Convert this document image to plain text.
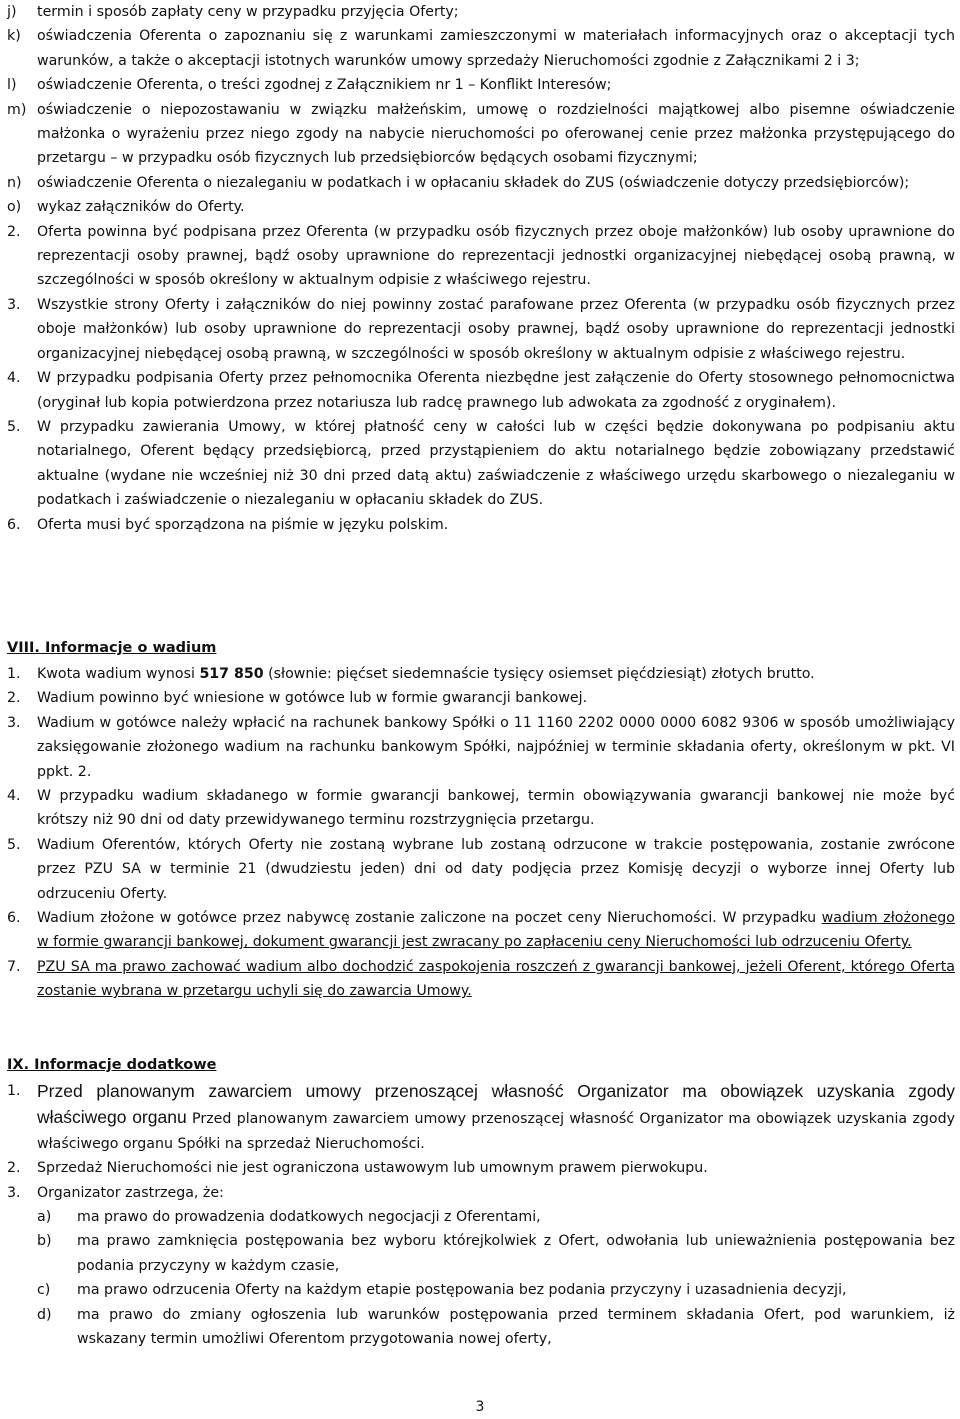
j) termin i sposób zapłaty ceny w przypadku przyjęcia Oferty;

k) oświadczenia Oferenta o zapoznaniu się z warunkami zamieszczonymi w materiałach informacyjnych oraz o akceptacji tych warunków, a także o akceptacji istotnych warunków umowy sprzedaży Nieruchomości zgodnie z Załącznikami 2 i 3;

l) oświadczenie Oferenta, o treści zgodnej z Załącznikiem nr 1 – Konflikt Interesów;

m) oświadczenie o niepozostawaniu w związku małżeńskim, umowę o rozdzielności majątkowej albo pisemne oświadczenie małżonka o wyrażeniu przez niego zgody na nabycie nieruchomości po oferowanej cenie przez małżonka przystępującego do przetargu – w przypadku osób fizycznych lub przedsiębiorców będących osobami fizycznymi;

n) oświadczenie Oferenta o niezaleganiu w podatkach i w opłacaniu składek do ZUS (oświadczenie dotyczy przedsiębiorców);

o) wykaz załączników do Oferty.

2. Oferta powinna być podpisana przez Oferenta (w przypadku osób fizycznych przez oboje małżonków) lub osoby uprawnione do reprezentacji osoby prawnej, bądź osoby uprawnione do reprezentacji jednostki organizacyjnej niebędącej osobą prawną, w szczególności w sposób określony w aktualnym odpisie z właściwego rejestru.

3. Wszystkie strony Oferty i załączników do niej powinny zostać parafowane przez Oferenta (w przypadku osób fizycznych przez oboje małżonków) lub osoby uprawnione do reprezentacji osoby prawnej, bądź osoby uprawnione do reprezentacji jednostki organizacyjnej niebędącej osobą prawną, w szczególności w sposób określony w aktualnym odpisie z właściwego rejestru.

4. W przypadku podpisania Oferty przez pełnomocnika Oferenta niezbędne jest załączenie do Oferty stosownego pełnomocnictwa (oryginał lub kopia potwierdzona przez notariusza lub radcę prawnego lub adwokata za zgodność z oryginałem).

5. W przypadku zawierania Umowy, w której płatność ceny w całości lub w części będzie dokonywana po podpisaniu aktu notarialnego, Oferent będący przedsiębiorcą, przed przystąpieniem do aktu notarialnego będzie zobowiązany przedstawić aktualne (wydane nie wcześniej niż 30 dni przed datą aktu) zaświadczenie z właściwego urzędu skarbowego o niezaleganiu w podatkach i zaświadczenie o niezaleganiu w opłacaniu składek do ZUS.

6. Oferta musi być sporządzona na piśmie w języku polskim.

VIII. Informacje o wadium

1. Kwota wadium wynosi 517 850 (słownie: pięćset siedemnaście tysięcy osiemset pięćdziesiąt) złotych brutto.

2. Wadium powinno być wniesione w gotówce lub w formie gwarancji bankowej.

3. Wadium w gotówce należy wpłacić na rachunek bankowy Spółki o 11 1160 2202 0000 0000 6082 9306 w sposób umożliwiający zaksięgowanie złożonego wadium na rachunku bankowym Spółki, najpóźniej w terminie składania oferty, określonym w pkt. VI ppkt. 2.

4. W przypadku wadium składanego w formie gwarancji bankowej, termin obowiązywania gwarancji bankowej nie może być krótszy niż 90 dni od daty przewidywanego terminu rozstrzygnięcia przetargu.

5. Wadium Oferentów, których Oferty nie zostaną wybrane lub zostaną odrzucone w trakcie postępowania, zostanie zwrócone przez PZU SA w terminie 21 (dwudziestu jeden) dni od daty podjęcia przez Komisję decyzji o wyborze innej Oferty lub odrzuceniu Oferty.

6. Wadium złożone w gotówce przez nabywcę zostanie zaliczone na poczet ceny Nieruchomości. W przypadku wadium złożonego w formie gwarancji bankowej, dokument gwarancji jest zwracany po zapłaceniu ceny Nieruchomości lub odrzuceniu Oferty.

7. PZU SA ma prawo zachować wadium albo dochodzić zaspokojenia roszczeń z gwarancji bankowej, jeżeli Oferent, którego Oferta zostanie wybrana w przetargu uchyli się do zawarcia Umowy.

IX. Informacje dodatkowe

1. Przed planowanym zawarciem umowy przenoszącej własność Organizator ma obowiązek uzyskania zgody właściwego organu Przed planowanym zawarciem umowy przenoszącej własność Organizator ma obowiązek uzyskania zgody właściwego organu Spółki na sprzedaż Nieruchomości.

2. Sprzedaż Nieruchomości nie jest ograniczona ustawowym lub umownym prawem pierwokupu.

3. Organizator zastrzega, że:

a) ma prawo do prowadzenia dodatkowych negocjacji z Oferentami,

b) ma prawo zamknięcia postępowania bez wyboru którejkolwiek z Ofert, odwołania lub unieważnienia postępowania bez podania przyczyny w każdym czasie,

c) ma prawo odrzucenia Oferty na każdym etapie postępowania bez podania przyczyny i uzasadnienia decyzji,

d) ma prawo do zmiany ogłoszenia lub warunków postępowania przed terminem składania Ofert, pod warunkiem, iż wskazany termin umożliwi Oferentom przygotowania nowej oferty,

3
